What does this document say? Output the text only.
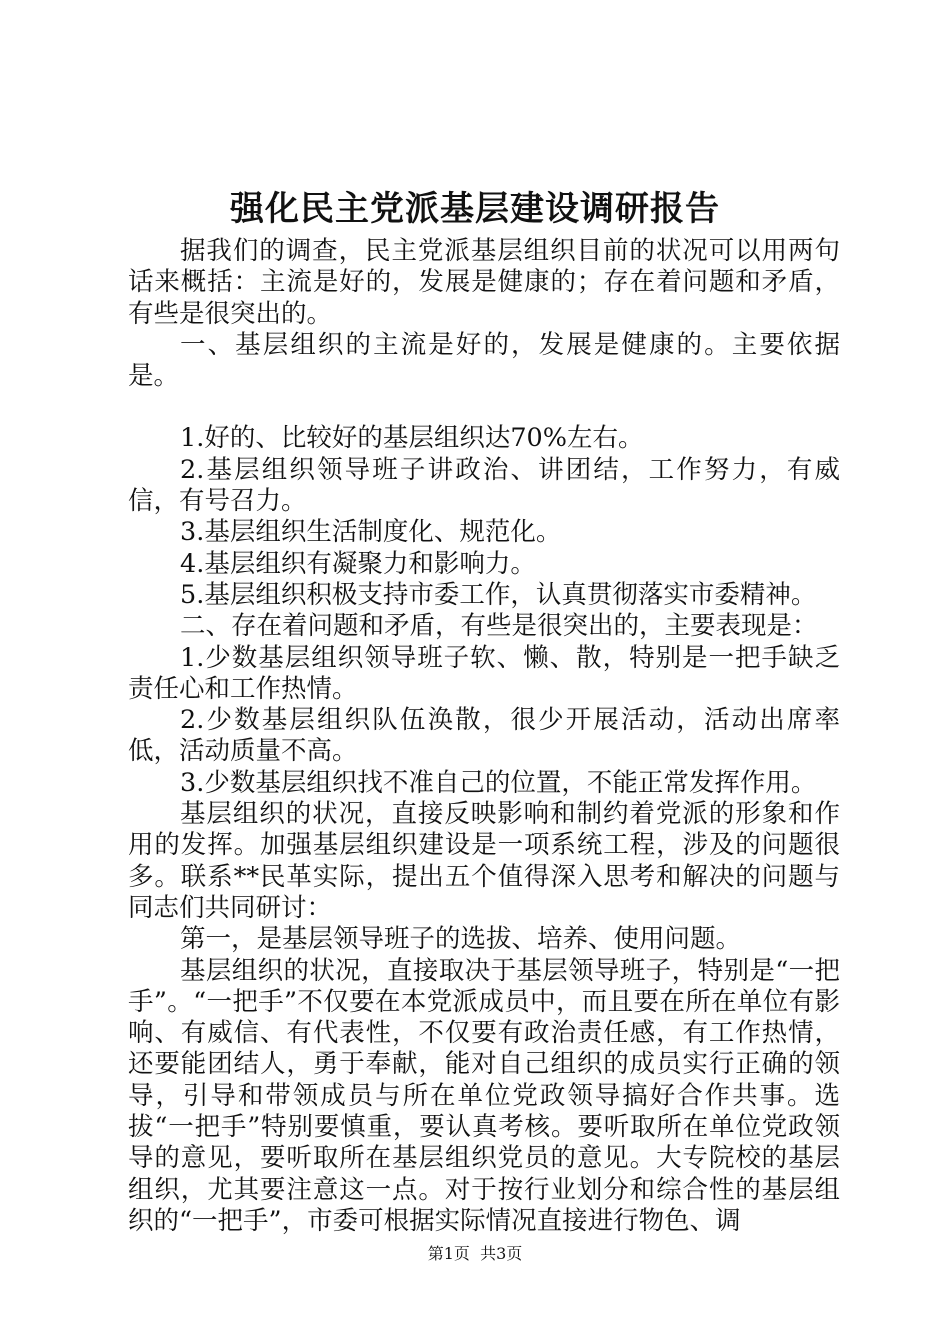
强化民主党派基层建设调研报告

据我们的调查，民主党派基层组织目前的状况可以用两句话来概括：主流是好的，发展是健康的；存在着问题和矛盾，有些是很突出的。

一、基层组织的主流是好的，发展是健康的。主要依据是。

1.好的、比较好的基层组织达70%左右。

2.基层组织领导班子讲政治、讲团结，工作努力，有威信，有号召力。

3.基层组织生活制度化、规范化。

4.基层组织有凝聚力和影响力。

5.基层组织积极支持市委工作，认真贯彻落实市委精神。

二、存在着问题和矛盾，有些是很突出的，主要表现是：

1.少数基层组织领导班子软、懒、散，特别是一把手缺乏责任心和工作热情。

2.少数基层组织队伍涣散，很少开展活动，活动出席率低，活动质量不高。

3.少数基层组织找不准自己的位置，不能正常发挥作用。

基层组织的状况，直接反映影响和制约着党派的形象和作用的发挥。加强基层组织建设是一项系统工程，涉及的问题很多。联系**民革实际，提出五个值得深入思考和解决的问题与同志们共同研讨：

第一，是基层领导班子的选拔、培养、使用问题。

基层组织的状况，直接取决于基层领导班子，特别是“一把手”。“一把手”不仅要在本党派成员中，而且要在所在单位有影响、有威信、有代表性，不仅要有政治责任感，有工作热情，还要能团结人，勇于奉献，能对自己组织的成员实行正确的领导，引导和带领成员与所在单位党政领导搞好合作共事。选拔“一把手”特别要慎重，要认真考核。要听取所在单位党政领导的意见，要听取所在基层组织党员的意见。大专院校的基层组织，尤其要注意这一点。对于按行业划分和综合性的基层组织的“一把手”，市委可根据实际情况直接进行物色、调

第1页 共3页
